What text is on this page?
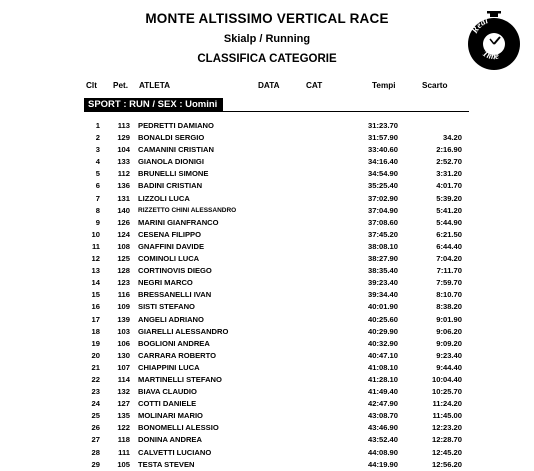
MONTE ALTISSIMO VERTICAL RACE
Skialp / Running
CLASSIFICA CATEGORIE
Real
Time
Clt Pet. ATLETA	DATA	CAT	Tempi	Scarto
SPORT : RUN / SEX : Uomini
1	113 PEDRETTI DAMIANO	31:23.70
2	129 BONALDI SERGIO	31:57.90	34.20
3	104 CAMANINI CRISTIAN	33:40.60	2:16.90
4	133 GIANOLA DIONIGI	34:16.40	2:52.70
5	112 BRUNELLI SIMONE	34:54.90	3:31.20
6	136 BADINI CRISTIAN	35:25.40	4:01.70
7	131 LIZZOLI LUCA	37:02.90	5:39.20
8	140 RIZZETTO CHINI ALESSANDRO	37:04.90	5:41.20
9	126 MARINI GIANFRANCO	37:08.60	5:44.90
10	124 CESENA FILIPPO	37:45.20	6:21.50
11	108 GNAFFINI DAVIDE	38:08.10	6:44.40
12	125 COMINOLI LUCA	38:27.90	7:04.20
13	128 CORTINOVIS DIEGO	38:35.40	7:11.70
14	123 NEGRI MARCO	39:23.40	7:59.70
15	116 BRESSANELLI IVAN	39:34.40	8:10.70
16	109 SISTI STEFANO	40:01.90	8:38.20
17	139 ANGELI ADRIANO	40:25.60	9:01.90
18	103 GIARELLI ALESSANDRO	40:29.90	9:06.20
19	106 BOGLIONI ANDREA	40:32.90	9:09.20
20	130 CARRARA ROBERTO	40:47.10	9:23.40
21	107 CHIAPPINI LUCA	41:08.10	9:44.40
22	114 MARTINELLI STEFANO	41:28.10	10:04.40
23	132 BIAVA CLAUDIO	41:49.40	10:25.70
24	127 COTTI DANIELE	42:47.90	11:24.20
25	135 MOLINARI MARIO	43:08.70	11:45.00
26	122 BONOMELLI ALESSIO	43:46.90	12:23.20
27	118 DONINA ANDREA	43:52.40	12:28.70
28	111 CALVETTI LUCIANO	44:08.90	12:45.20
29	105 TESTA STEVEN	44:19.90	12:56.20
